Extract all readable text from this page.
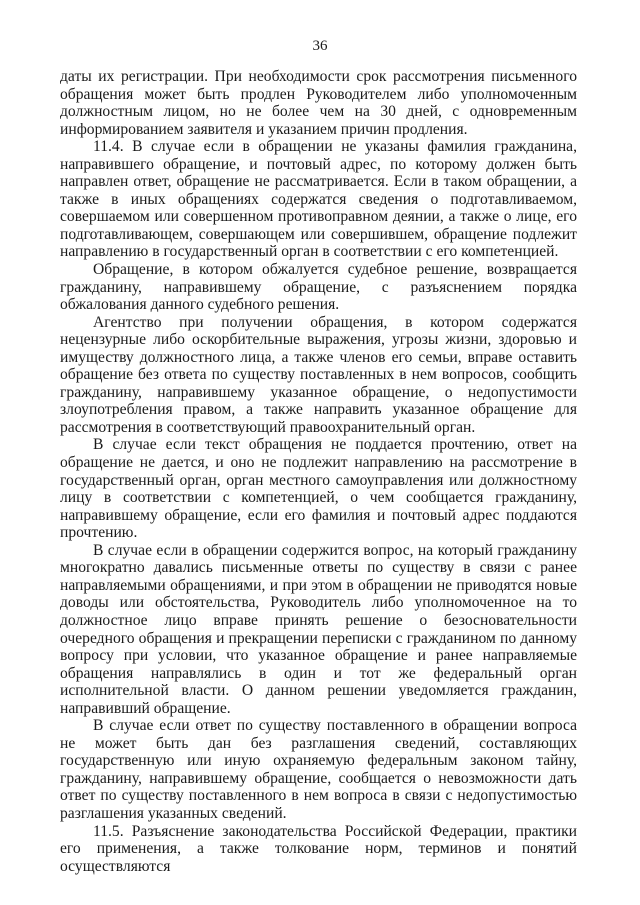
36

даты их регистрации. При необходимости срок рассмотрения письменного обращения может быть продлен Руководителем либо уполномоченным должностным лицом, но не более чем на 30 дней, с одновременным информированием заявителя и указанием причин продления.

11.4. В случае если в обращении не указаны фамилия гражданина, направившего обращение, и почтовый адрес, по которому должен быть направлен ответ, обращение не рассматривается. Если в таком обращении, а также в иных обращениях содержатся сведения о подготавливаемом, совершаемом или совершенном противоправном деянии, а также о лице, его подготавливающем, совершающем или совершившем, обращение подлежит направлению в государственный орган в соответствии с его компетенцией.

Обращение, в котором обжалуется судебное решение, возвращается гражданину, направившему обращение, с разъяснением порядка обжалования данного судебного решения.

Агентство при получении обращения, в котором содержатся нецензурные либо оскорбительные выражения, угрозы жизни, здоровью и имуществу должностного лица, а также членов его семьи, вправе оставить обращение без ответа по существу поставленных в нем вопросов, сообщить гражданину, направившему указанное обращение, о недопустимости злоупотребления правом, а также направить указанное обращение для рассмотрения в соответствующий правоохранительный орган.

В случае если текст обращения не поддается прочтению, ответ на обращение не дается, и оно не подлежит направлению на рассмотрение в государственный орган, орган местного самоуправления или должностному лицу в соответствии с компетенцией, о чем сообщается гражданину, направившему обращение, если его фамилия и почтовый адрес поддаются прочтению.

В случае если в обращении содержится вопрос, на который гражданину многократно давались письменные ответы по существу в связи с ранее направляемыми обращениями, и при этом в обращении не приводятся новые доводы или обстоятельства, Руководитель либо уполномоченное на то должностное лицо вправе принять решение о безосновательности очередного обращения и прекращении переписки с гражданином по данному вопросу при условии, что указанное обращение и ранее направляемые обращения направлялись в один и тот же федеральный орган исполнительной власти. О данном решении уведомляется гражданин, направивший обращение.

В случае если ответ по существу поставленного в обращении вопроса не может быть дан без разглашения сведений, составляющих государственную или иную охраняемую федеральным законом тайну, гражданину, направившему обращение, сообщается о невозможности дать ответ по существу поставленного в нем вопроса в связи с недопустимостью разглашения указанных сведений.

11.5. Разъяснение законодательства Российской Федерации, практики его применения, а также толкование норм, терминов и понятий осуществляются
